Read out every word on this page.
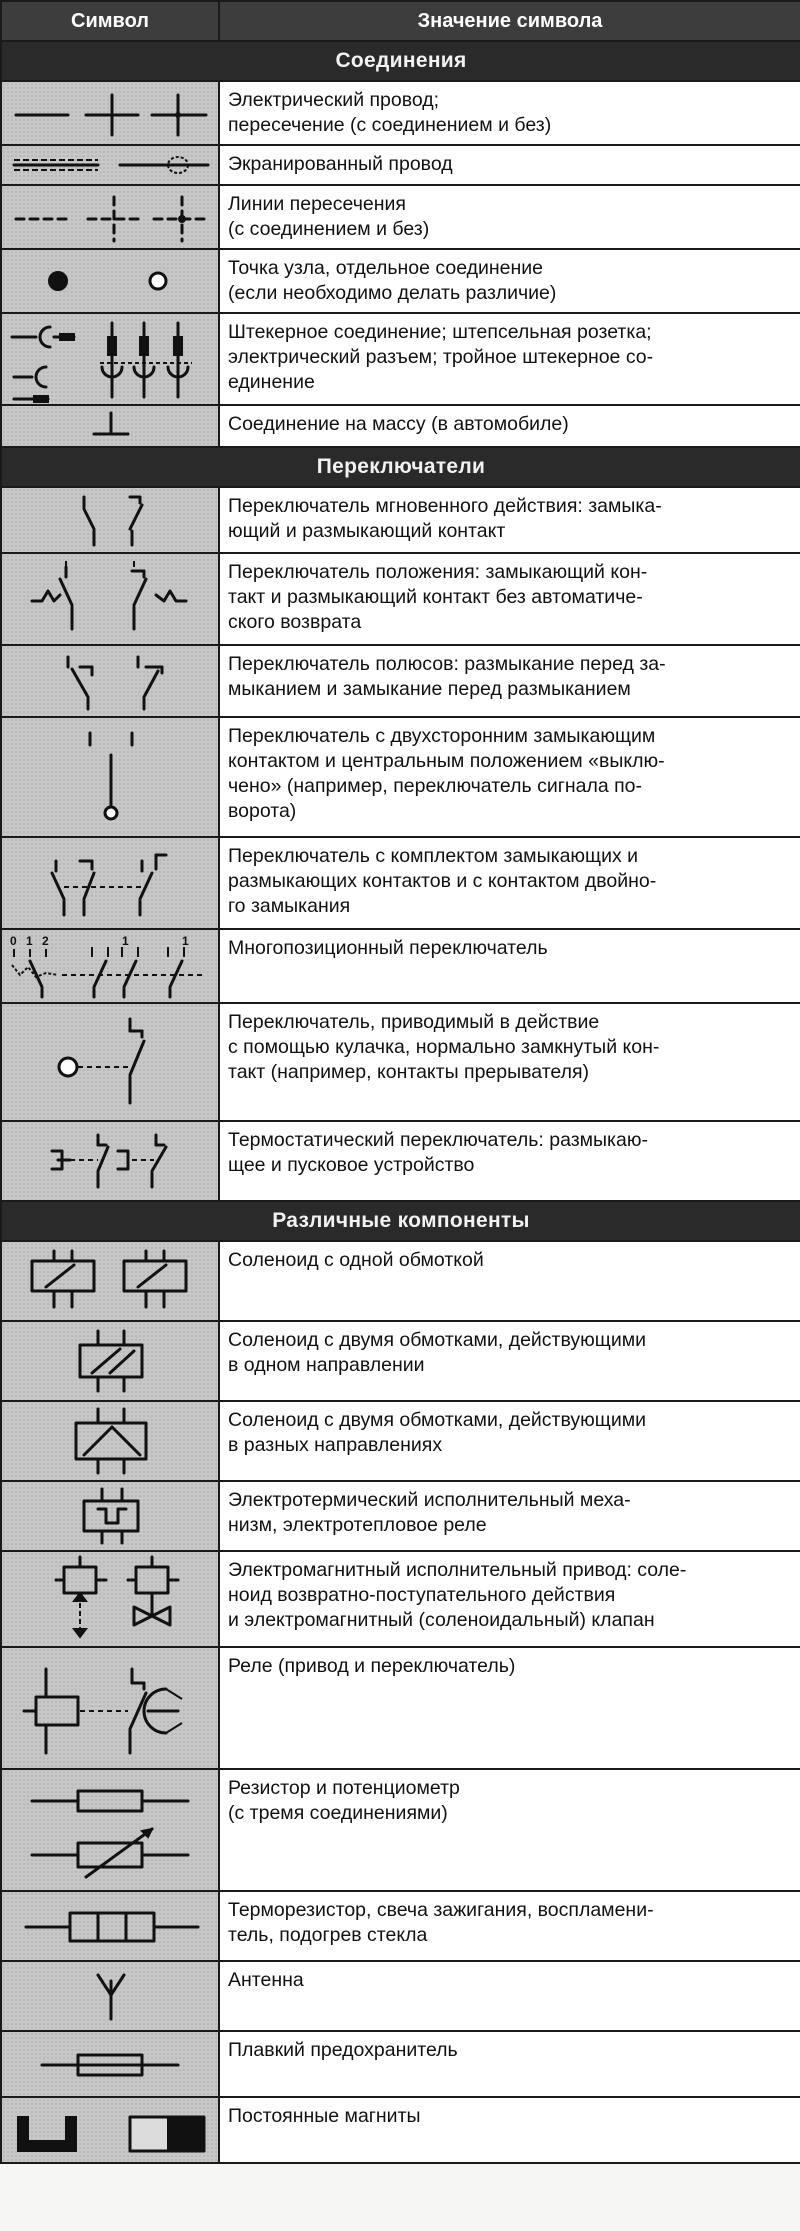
Символ	Значение символа
Соединения	

Электрический провод;
пересечение (с соединением и без)

Экранированный провод

Линии пересечения
(с соединением и без)

Точка узла, отдельное соединение
(если необходимо делать различие)

Штекерное соединение; штепсельная розетка;
электрический разъем; тройное штекерное со-
единение

Соединение на массу (в автомобиле)

Переключатели	

Переключатель мгновенного действия: замыка-
ющий и размыкающий контакт

Переключатель положения: замыкающий кон-
такт и размыкающий контакт без автоматиче-
ского возврата

Переключатель полюсов: размыкание перед за-
мыканием и замыкание перед размыканием

Переключатель с двухсторонним замыкающим
контактом и центральным положением «выклю-
чено» (например, переключатель сигнала по-
ворота)

Переключатель с комплектом замыкающих и
размыкающих контактов и с контактом двойно-
го замыкания

0 1 2 1 1	Многопозиционный переключатель

Переключатель, приводимый в действие
с помощью кулачка, нормально замкнутый кон-
такт (например, контакты прерывателя)

Термостатический переключатель: размыкаю-
щее и пусковое устройство

Различные компоненты	

Соленоид с одной обмоткой

Соленоид с двумя обмотками, действующими
в одном направлении

Соленоид с двумя обмотками, действующими
в разных направлениях

Электротермический исполнительный меха-
низм, электротепловое реле

Электромагнитный исполнительный привод: соле-
ноид возвратно-поступательного действия
и электромагнитный (соленоидальный) клапан

Реле (привод и переключатель)

Резистор и потенциометр
(с тремя соединениями)

Терморезистор, свеча зажигания, воспламени-
тель, подогрев стекла

Антенна

Плавкий предохранитель

Постоянные магниты
